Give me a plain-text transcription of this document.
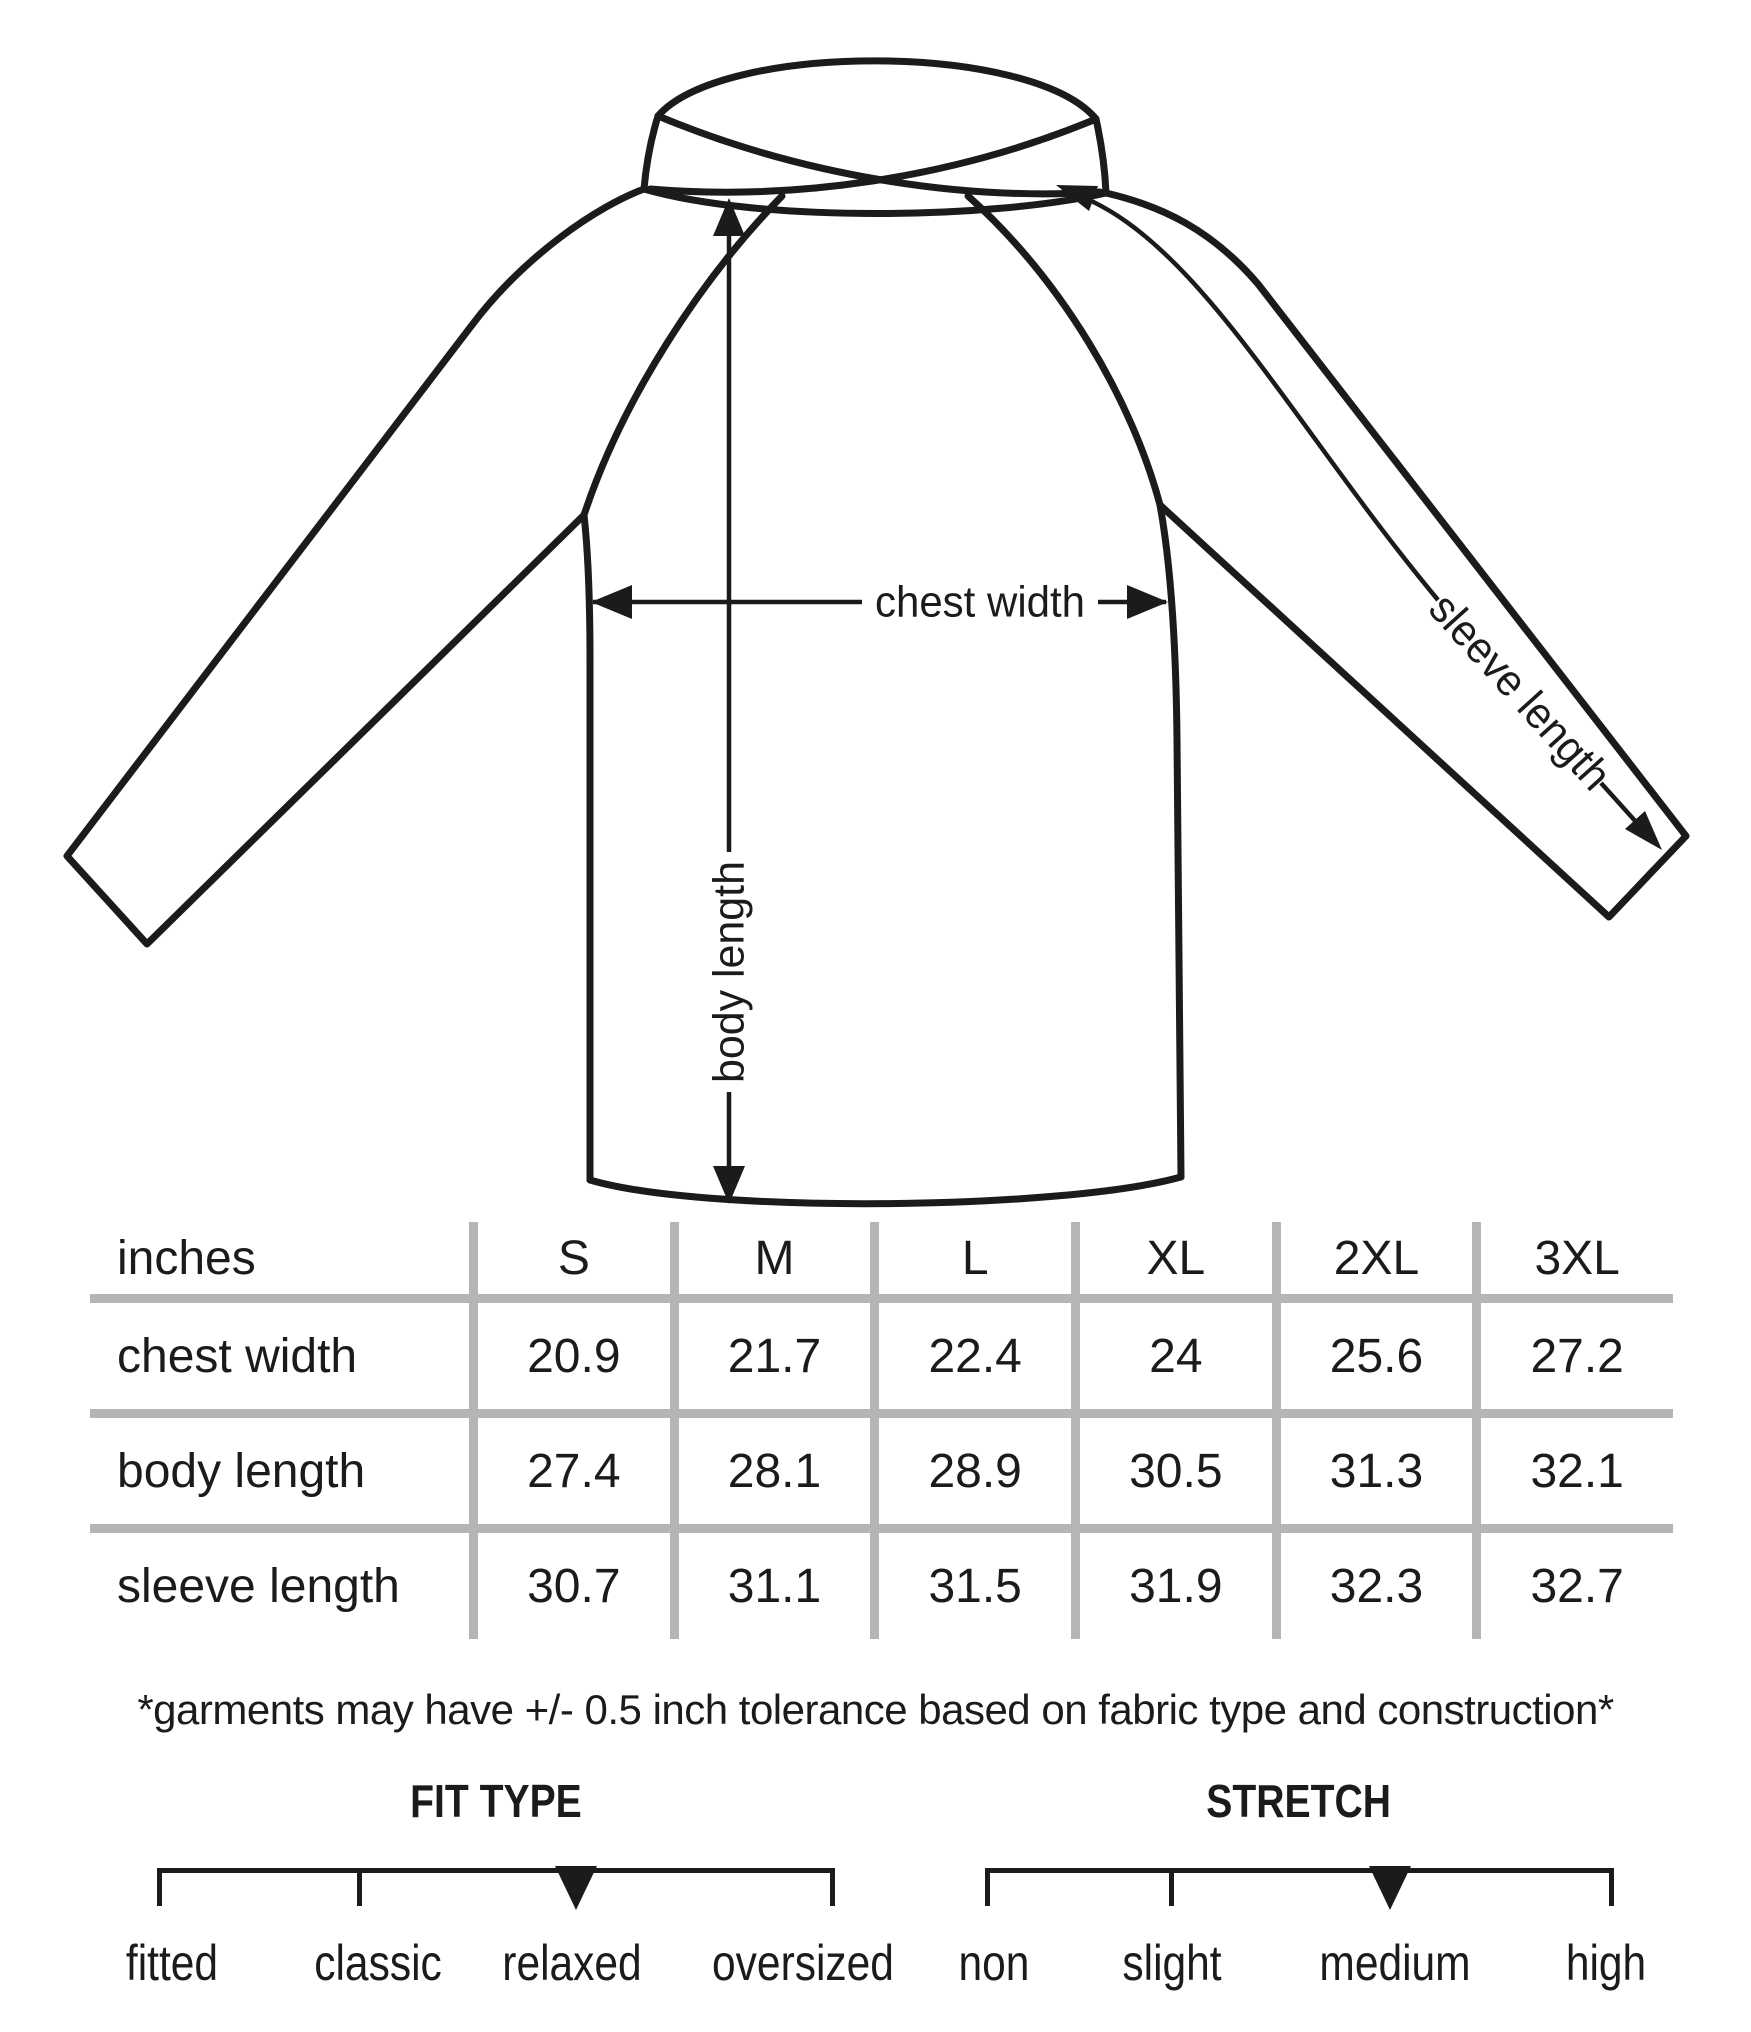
chest width
body length
sleeve length
inches	S	M	L	XL	2XL 3XL
chest width	20.9 21.7 22.4	24	25.6 27.2
body length	27.4 28.1 28.9 30.5 31.3 32.1
sleeve length	30.7 31.1 31.5 31.9 32.3 32.7
*garments may have +/- 0.5 inch tolerance based on fabric type and construction*
FIT TYPE
fitted classic relaxed	oversized
STRETCH
non slight medium high
